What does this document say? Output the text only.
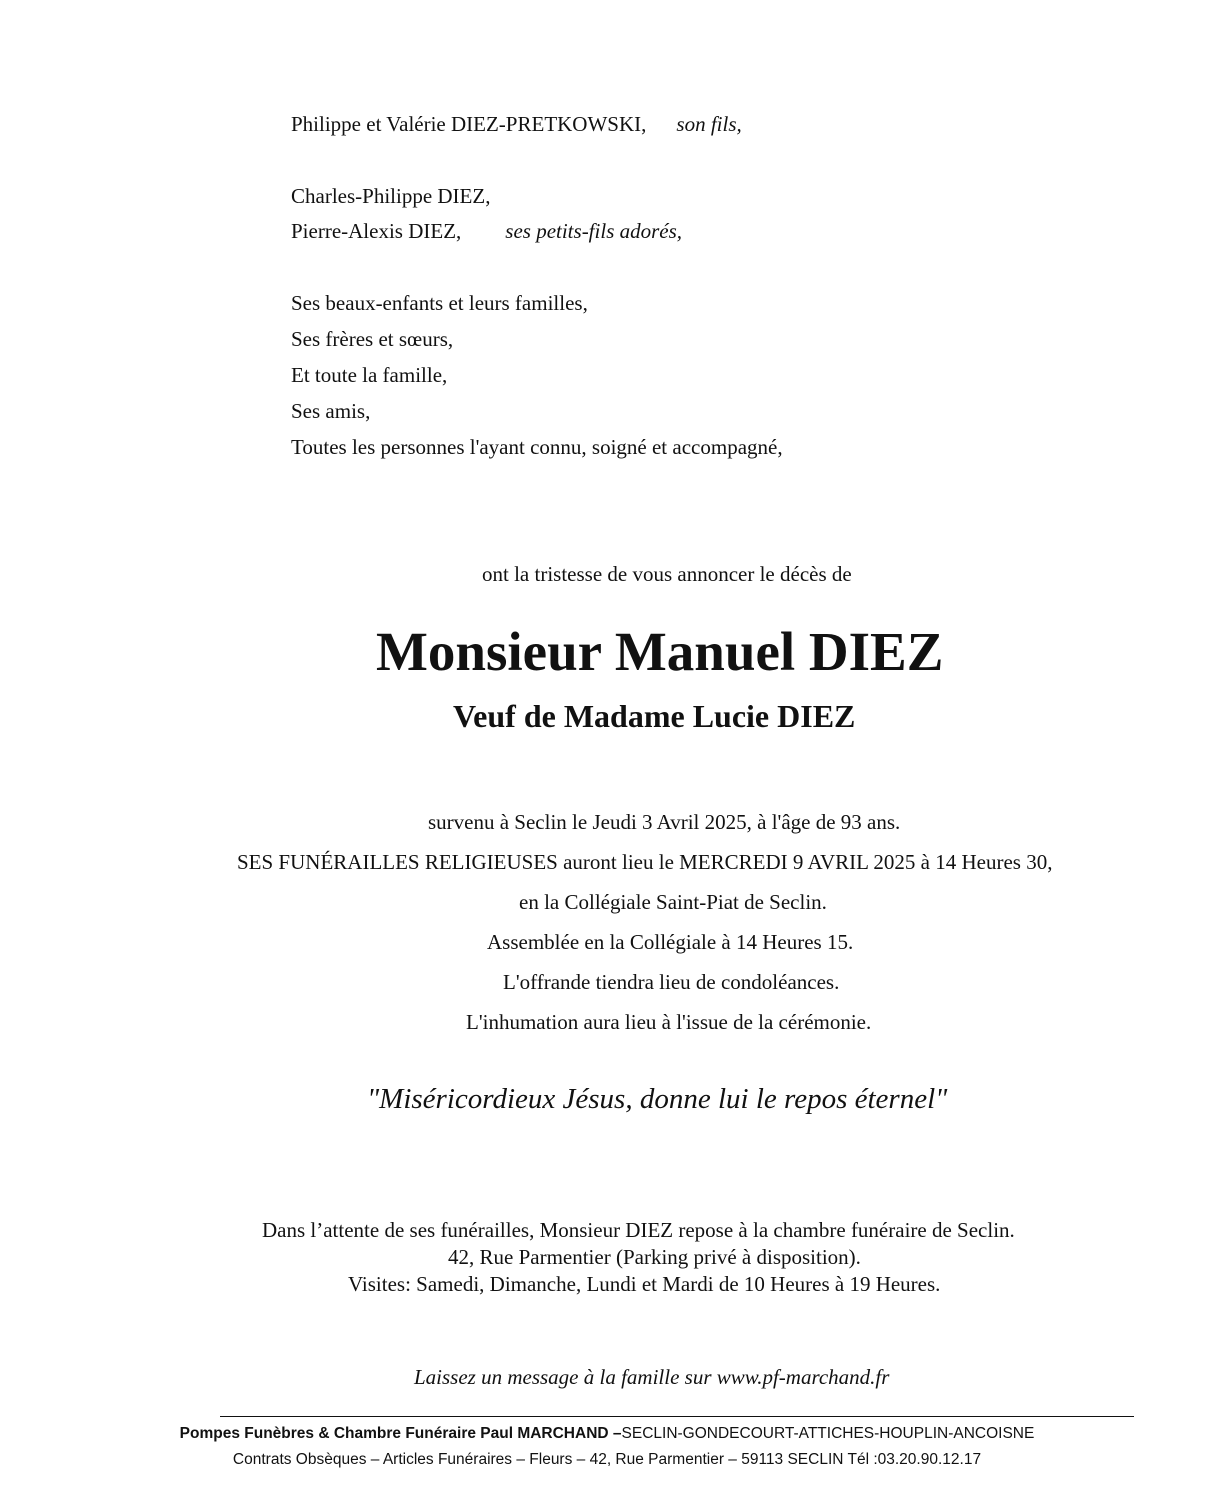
Philippe et Valérie DIEZ-PRETKOWSKI, son fils,
Charles-Philippe DIEZ,
Pierre-Alexis DIEZ, ses petits-fils adorés,
Ses beaux-enfants et leurs familles,
Ses frères et sœurs,
Et toute la famille,
Ses amis,
Toutes les personnes l'ayant connu, soigné et accompagné,
ont la tristesse de vous annoncer le décès de
Monsieur Manuel DIEZ
Veuf de Madame Lucie DIEZ
survenu à Seclin le Jeudi 3 Avril 2025, à l'âge de 93 ans.
SES FUNÉRAILLES RELIGIEUSES auront lieu le MERCREDI 9 AVRIL 2025 à 14 Heures 30,
en la Collégiale Saint-Piat de Seclin.
Assemblée en la Collégiale à 14 Heures 15.
L'offrande tiendra lieu de condoléances.
L'inhumation aura lieu à l'issue de la cérémonie.
"Miséricordieux Jésus, donne lui le repos éternel"
Dans l’attente de ses funérailles, Monsieur DIEZ repose à la chambre funéraire de Seclin.
42, Rue Parmentier (Parking privé à disposition).
Visites: Samedi, Dimanche, Lundi et Mardi de 10 Heures à 19 Heures.
Laissez un message à la famille sur www.pf-marchand.fr
Pompes Funèbres & Chambre Funéraire Paul MARCHAND –SECLIN-GONDECOURT-ATTICHES-HOUPLIN-ANCOISNE
Contrats Obsèques – Articles Funéraires – Fleurs – 42, Rue Parmentier – 59113 SECLIN Tél :03.20.90.12.17
